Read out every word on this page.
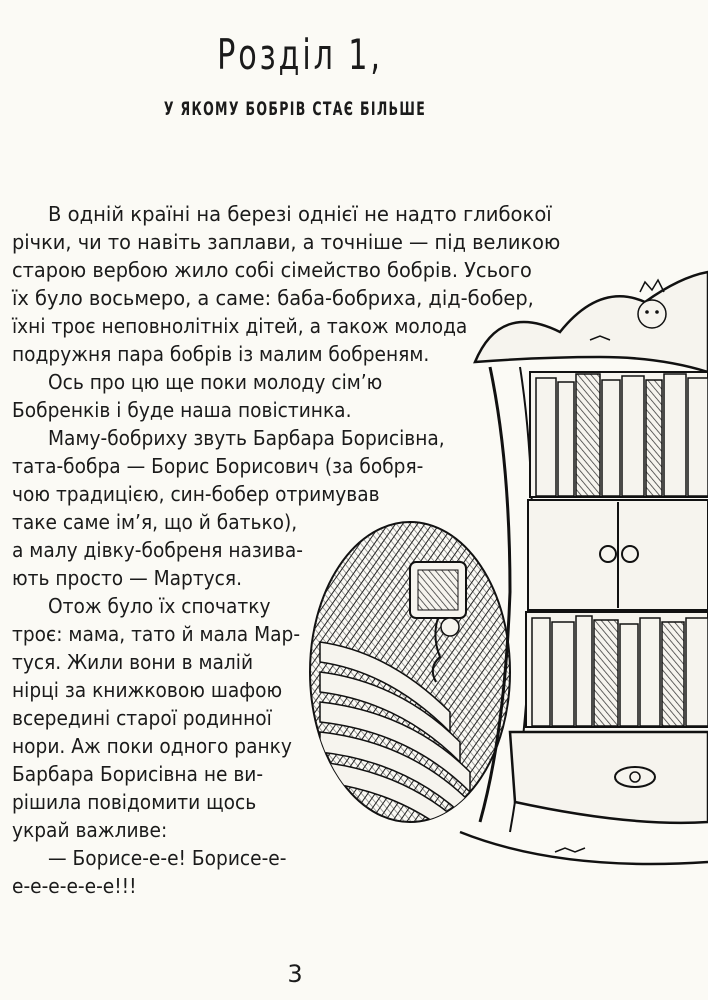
Розділ 1,
У ЯКОМУ БОБРІВ СТАЄ БІЛЬШЕ
В одній країні на березі однієї не надто глибокої
річки, чи то навіть заплави, а точніше — під великою
старою вербою жило собі сімейство бобрів. Усього
їх було восьмеро, а саме: баба-бобриха, дід-бобер,
їхні троє неповнолітніх дітей, а також молода
подружня пара бобрів із малим бобреням.
Ось про цю ще поки молоду сім’ю
Бобренків і буде наша повістинка.
Маму-бобриху звуть Барбара Борисівна,
тата-бобра — Борис Борисович (за бобря-
чою традицією, син-бобер отримував
таке саме ім’я, що й батько),
а малу дівку-бобреня назива-
ють просто — Мартуся.
Отож було їх спочатку
троє: мама, тато й мала Мар-
туся. Жили вони в малій
нірці за книжковою шафою
всередині старої родинної
нори. Аж поки одного ранку
Барбара Борисівна не ви-
рішила повідомити щось
украй важливе:
— Борисе-е-е! Борисе-е-
е-е-е-е-е-е!!!
3
